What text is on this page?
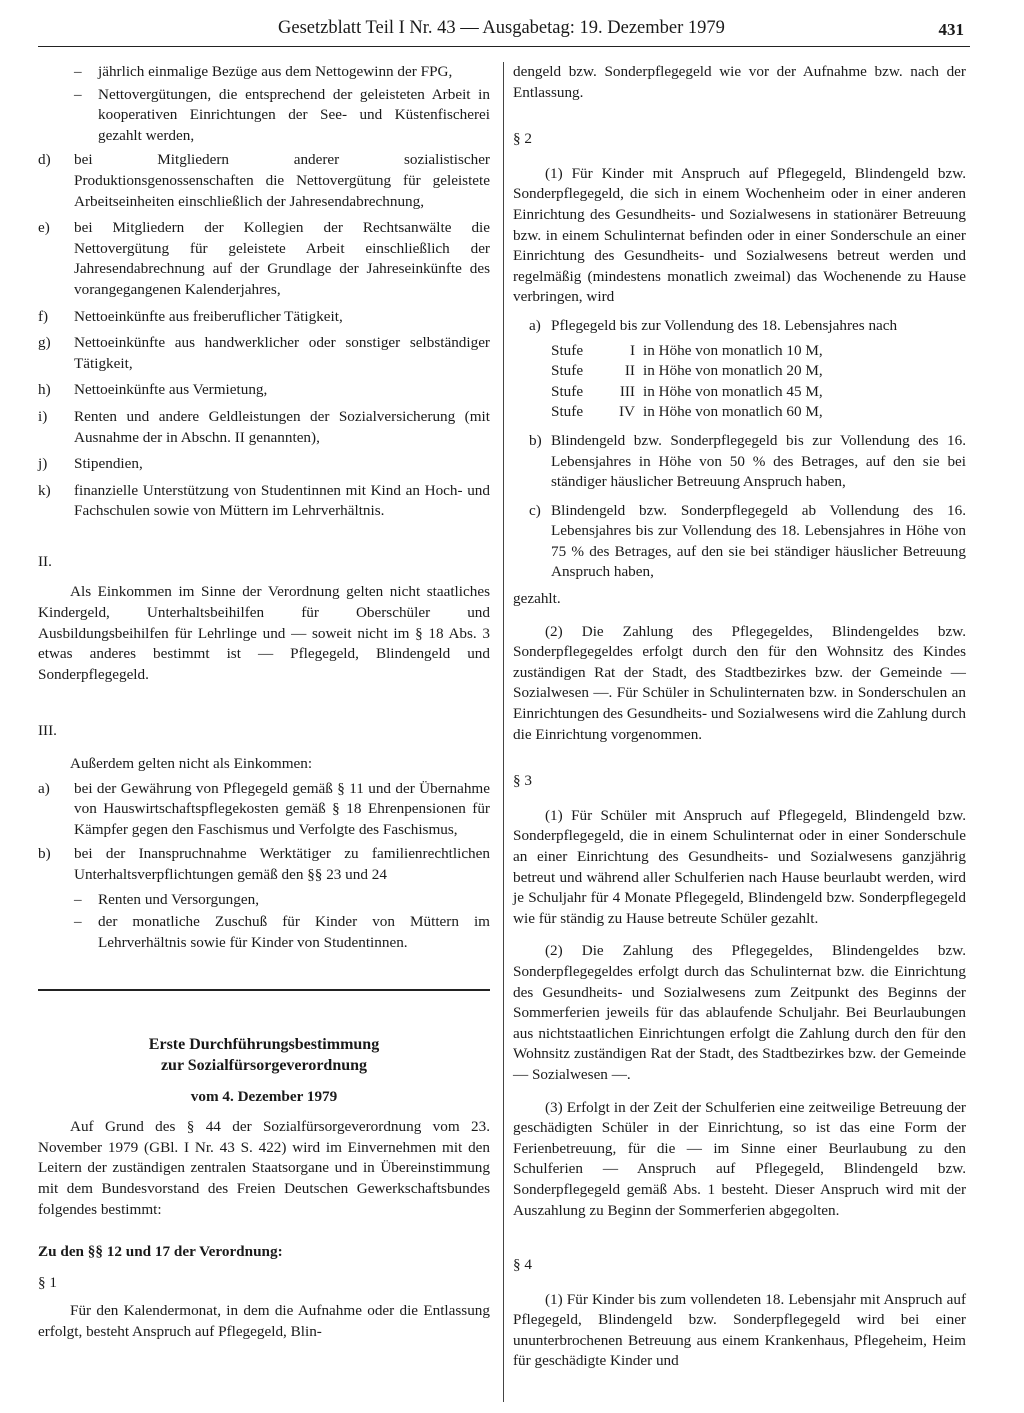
Gesetzblatt Teil I Nr. 43 — Ausgabetag: 19. Dezember 1979	431
– jährlich einmalige Bezüge aus dem Nettogewinn der FPG,
– Nettovergütungen, die entsprechend der geleisteten Arbeit in kooperativen Einrichtungen der See- und Küstenfischerei gezahlt werden,
d) bei Mitgliedern anderer sozialistischer Produktionsgenossenschaften die Nettovergütung für geleistete Arbeitseinheiten einschließlich der Jahresendabrechnung,
e) bei Mitgliedern der Kollegien der Rechtsanwälte die Nettovergütung für geleistete Arbeit einschließlich der Jahresendabrechnung auf der Grundlage der Jahreseinkünfte des vorangegangenen Kalenderjahres,
f) Nettoeinkünfte aus freiberuflicher Tätigkeit,
g) Nettoeinkünfte aus handwerklicher oder sonstiger selbständiger Tätigkeit,
h) Nettoeinkünfte aus Vermietung,
i) Renten und andere Geldleistungen der Sozialversicherung (mit Ausnahme der in Abschn. II genannten),
j) Stipendien,
k) finanzielle Unterstützung von Studentinnen mit Kind an Hoch- und Fachschulen sowie von Müttern im Lehrverhältnis.

II.

Als Einkommen im Sinne der Verordnung gelten nicht staatliches Kindergeld, Unterhaltsbeihilfen für Oberschüler und Ausbildungsbeihilfen für Lehrlinge und — soweit nicht im § 18 Abs. 3 etwas anderes bestimmt ist — Pflegegeld, Blindengeld und Sonderpflegegeld.

III.

Außerdem gelten nicht als Einkommen:

a) bei der Gewährung von Pflegegeld gemäß § 11 und der Übernahme von Hauswirtschaftspflegekosten gemäß § 18 Ehrenpensionen für Kämpfer gegen den Faschismus und Verfolgte des Faschismus,
b) bei der Inanspruchnahme Werktätiger zu familienrechtlichen Unterhaltsverpflichtungen gemäß den §§ 23 und 24
– Renten und Versorgungen,
– der monatliche Zuschuß für Kinder von Müttern im Lehrverhältnis sowie für Kinder von Studentinnen.

Erste Durchführungsbestimmung

zur Sozialfürsorgeverordnung

vom 4. Dezember 1979

Auf Grund des § 44 der Sozialfürsorgeverordnung vom 23. November 1979 (GBl. I Nr. 43 S. 422) wird im Einvernehmen mit den Leitern der zuständigen zentralen Staatsorgane und in Übereinstimmung mit dem Bundesvorstand des Freien Deutschen Gewerkschaftsbundes folgendes bestimmt:

Zu den §§ 12 und 17 der Verordnung:

§ 1

Für den Kalendermonat, in dem die Aufnahme oder die Entlassung erfolgt, besteht Anspruch auf Pflegegeld, Blin-

dengeld bzw. Sonderpflegegeld wie vor der Aufnahme bzw. nach der Entlassung.

§ 2

(1) Für Kinder mit Anspruch auf Pflegegeld, Blindengeld bzw. Sonderpflegegeld, die sich in einem Wochenheim oder in einer anderen Einrichtung des Gesundheits- und Sozialwesens in stationärer Betreuung bzw. in einem Schulinternat befinden oder in einer Sonderschule an einer Einrichtung des Gesundheits- und Sozialwesens betreut werden und regelmäßig (mindestens monatlich zweimal) das Wochenende zu Hause verbringen, wird

a) Pflegegeld bis zur Vollendung des 18. Lebensjahres nach
Stufe	I in Höhe von monatlich 10 M,
Stufe	II in Höhe von monatlich 20 M,
Stufe	III in Höhe von monatlich 45 M,
Stufe	IV in Höhe von monatlich 60 M,
b) Blindengeld bzw. Sonderpflegegeld bis zur Vollendung des 16. Lebensjahres in Höhe von 50 % des Betrages, auf den sie bei ständiger häuslicher Betreuung Anspruch haben,
c) Blindengeld bzw. Sonderpflegegeld ab Vollendung des 16. Lebensjahres bis zur Vollendung des 18. Lebensjahres in Höhe von 75 % des Betrages, auf den sie bei ständiger häuslicher Betreuung Anspruch haben,

gezahlt.

(2) Die Zahlung des Pflegegeldes, Blindengeldes bzw. Sonderpflegegeldes erfolgt durch den für den Wohnsitz des Kindes zuständigen Rat der Stadt, des Stadtbezirkes bzw. der Gemeinde — Sozialwesen —. Für Schüler in Schulinternaten bzw. in Sonderschulen an Einrichtungen des Gesundheits- und Sozialwesens wird die Zahlung durch die Einrichtung vorgenommen.

§ 3

(1) Für Schüler mit Anspruch auf Pflegegeld, Blindengeld bzw. Sonderpflegegeld, die in einem Schulinternat oder in einer Sonderschule an einer Einrichtung des Gesundheits- und Sozialwesens ganzjährig betreut und während aller Schulferien nach Hause beurlaubt werden, wird je Schuljahr für 4 Monate Pflegegeld, Blindengeld bzw. Sonderpflegegeld wie für ständig zu Hause betreute Schüler gezahlt.

(2) Die Zahlung des Pflegegeldes, Blindengeldes bzw. Sonderpflegegeldes erfolgt durch das Schulinternat bzw. die Einrichtung des Gesundheits- und Sozialwesens zum Zeitpunkt des Beginns der Sommerferien jeweils für das ablaufende Schuljahr. Bei Beurlaubungen aus nichtstaatlichen Einrichtungen erfolgt die Zahlung durch den für den Wohnsitz zuständigen Rat der Stadt, des Stadtbezirkes bzw. der Gemeinde — Sozialwesen —.

(3) Erfolgt in der Zeit der Schulferien eine zeitweilige Betreuung der geschädigten Schüler in der Einrichtung, so ist das eine Form der Ferienbetreuung, für die — im Sinne einer Beurlaubung zu den Schulferien — Anspruch auf Pflegegeld, Blindengeld bzw. Sonderpflegegeld gemäß Abs. 1 besteht. Dieser Anspruch wird mit der Auszahlung zu Beginn der Sommerferien abgegolten.

§ 4

(1) Für Kinder bis zum vollendeten 18. Lebensjahr mit Anspruch auf Pflegegeld, Blindengeld bzw. Sonderpflegegeld wird bei einer ununterbrochenen Betreuung aus einem Krankenhaus, Pflegeheim, Heim für geschädigte Kinder und
